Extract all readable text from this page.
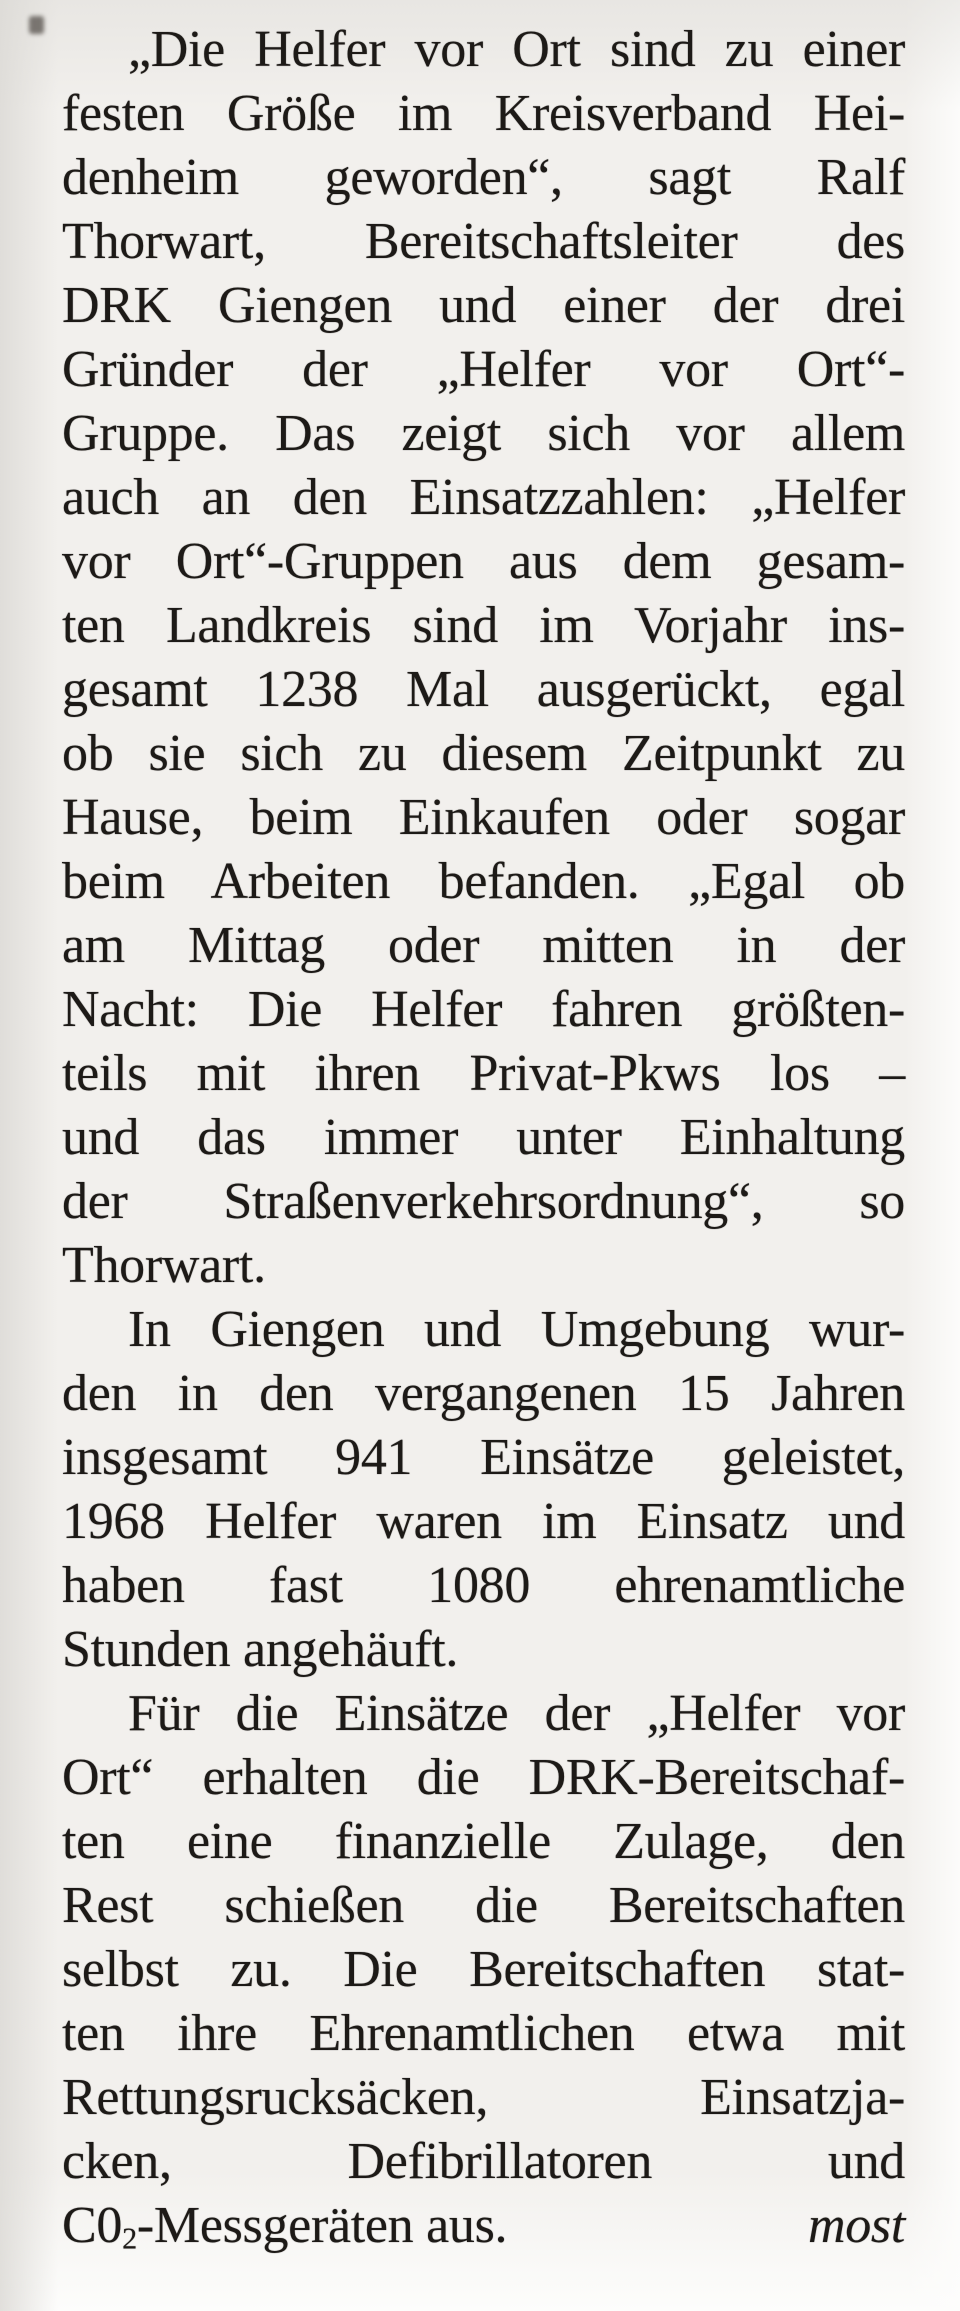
„Die Helfer vor Ort sind zu einer
festen Größe im Kreisverband Hei-
denheim geworden“, sagt Ralf
Thorwart, Bereitschaftsleiter des
DRK Giengen und einer der drei
Gründer der „Helfer vor Ort“-
Gruppe. Das zeigt sich vor allem
auch an den Einsatzzahlen: „Helfer
vor Ort“-Gruppen aus dem gesam-
ten Landkreis sind im Vorjahr ins-
gesamt 1238 Mal ausgerückt, egal
ob sie sich zu diesem Zeitpunkt zu
Hause, beim Einkaufen oder sogar
beim Arbeiten befanden. „Egal ob
am Mittag oder mitten in der
Nacht: Die Helfer fahren größten-
teils mit ihren Privat-Pkws los –
und das immer unter Einhaltung
der Straßenverkehrsordnung“, so
Thorwart.
In Giengen und Umgebung wur-
den in den vergangenen 15 Jahren
insgesamt 941 Einsätze geleistet,
1968 Helfer waren im Einsatz und
haben fast 1080 ehrenamtliche
Stunden angehäuft.
Für die Einsätze der „Helfer vor
Ort“ erhalten die DRK-Bereitschaf-
ten eine finanzielle Zulage, den
Rest schießen die Bereitschaften
selbst zu. Die Bereitschaften stat-
ten ihre Ehrenamtlichen etwa mit
Rettungsrucksäcken, Einsatzja-
cken, Defibrillatoren und
C02-Messgeräten aus.	most
